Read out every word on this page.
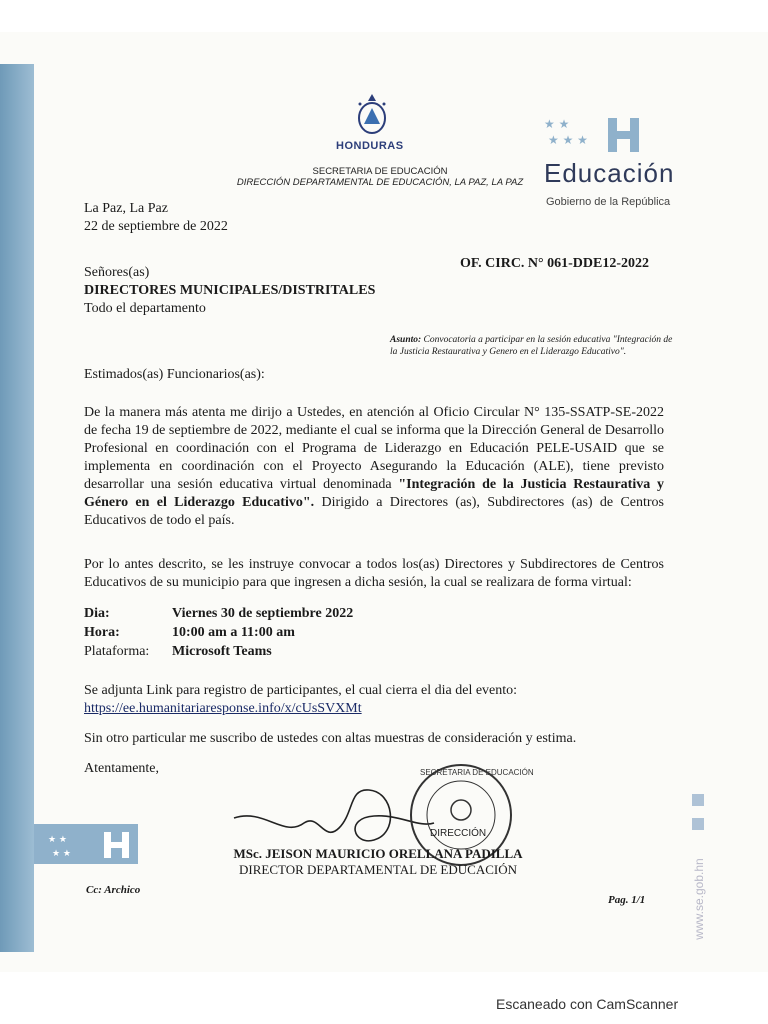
HONDURAS
SECRETARIA DE EDUCACIÓN
DIRECCIÓN DEPARTAMENTAL DE EDUCACIÓN, LA PAZ, LA PAZ
★ ★
★ ★ ★
Educación
Gobierno de la República
La Paz, La Paz
22 de septiembre de 2022
OF. CIRC. N° 061-DDE12-2022
Señores(as)
DIRECTORES MUNICIPALES/DISTRITALES
Todo el departamento
Asunto: Convocatoria a participar en la sesión educativa "Integración de la Justicia Restaurativa y Genero en el Liderazgo Educativo".
Estimados(as) Funcionarios(as):
De la manera más atenta me dirijo a Ustedes, en atención al Oficio Circular N° 135-SSATP-SE-2022 de fecha 19 de septiembre de 2022, mediante el cual se informa que la Dirección General de Desarrollo Profesional en coordinación con el Programa de Liderazgo en Educación PELE-USAID que se implementa en coordinación con el Proyecto Asegurando la Educación (ALE), tiene previsto desarrollar una sesión educativa virtual denominada "Integración de la Justicia Restaurativa y Género en el Liderazgo Educativo". Dirigido a Directores (as), Subdirectores (as) de Centros Educativos de todo el país.
Por lo antes descrito, se les instruye convocar a todos los(as) Directores y Subdirectores de Centros Educativos de su municipio para que ingresen a dicha sesión, la cual se realizara de forma virtual:
Dia:	Viernes 30 de septiembre 2022
Hora:	10:00 am a 11:00 am
Plataforma:	Microsoft Teams
Se adjunta Link para registro de participantes, el cual cierra el dia del evento:
https://ee.humanitariaresponse.info/x/cUsSVXMt
Sin otro particular me suscribo de ustedes con altas muestras de consideración y estima.
Atentamente,	SECRETARIA DE EDUCACIÓN
DIRECCIÓN
MSc. JEISON MAURICIO ORELLANA PADILLA
DIRECTOR DEPARTAMENTAL DE EDUCACIÓN
★ ★
★ ★
Cc: Archico
Pag. 1/1	www.se.gob.hn
Escaneado con CamScanner
